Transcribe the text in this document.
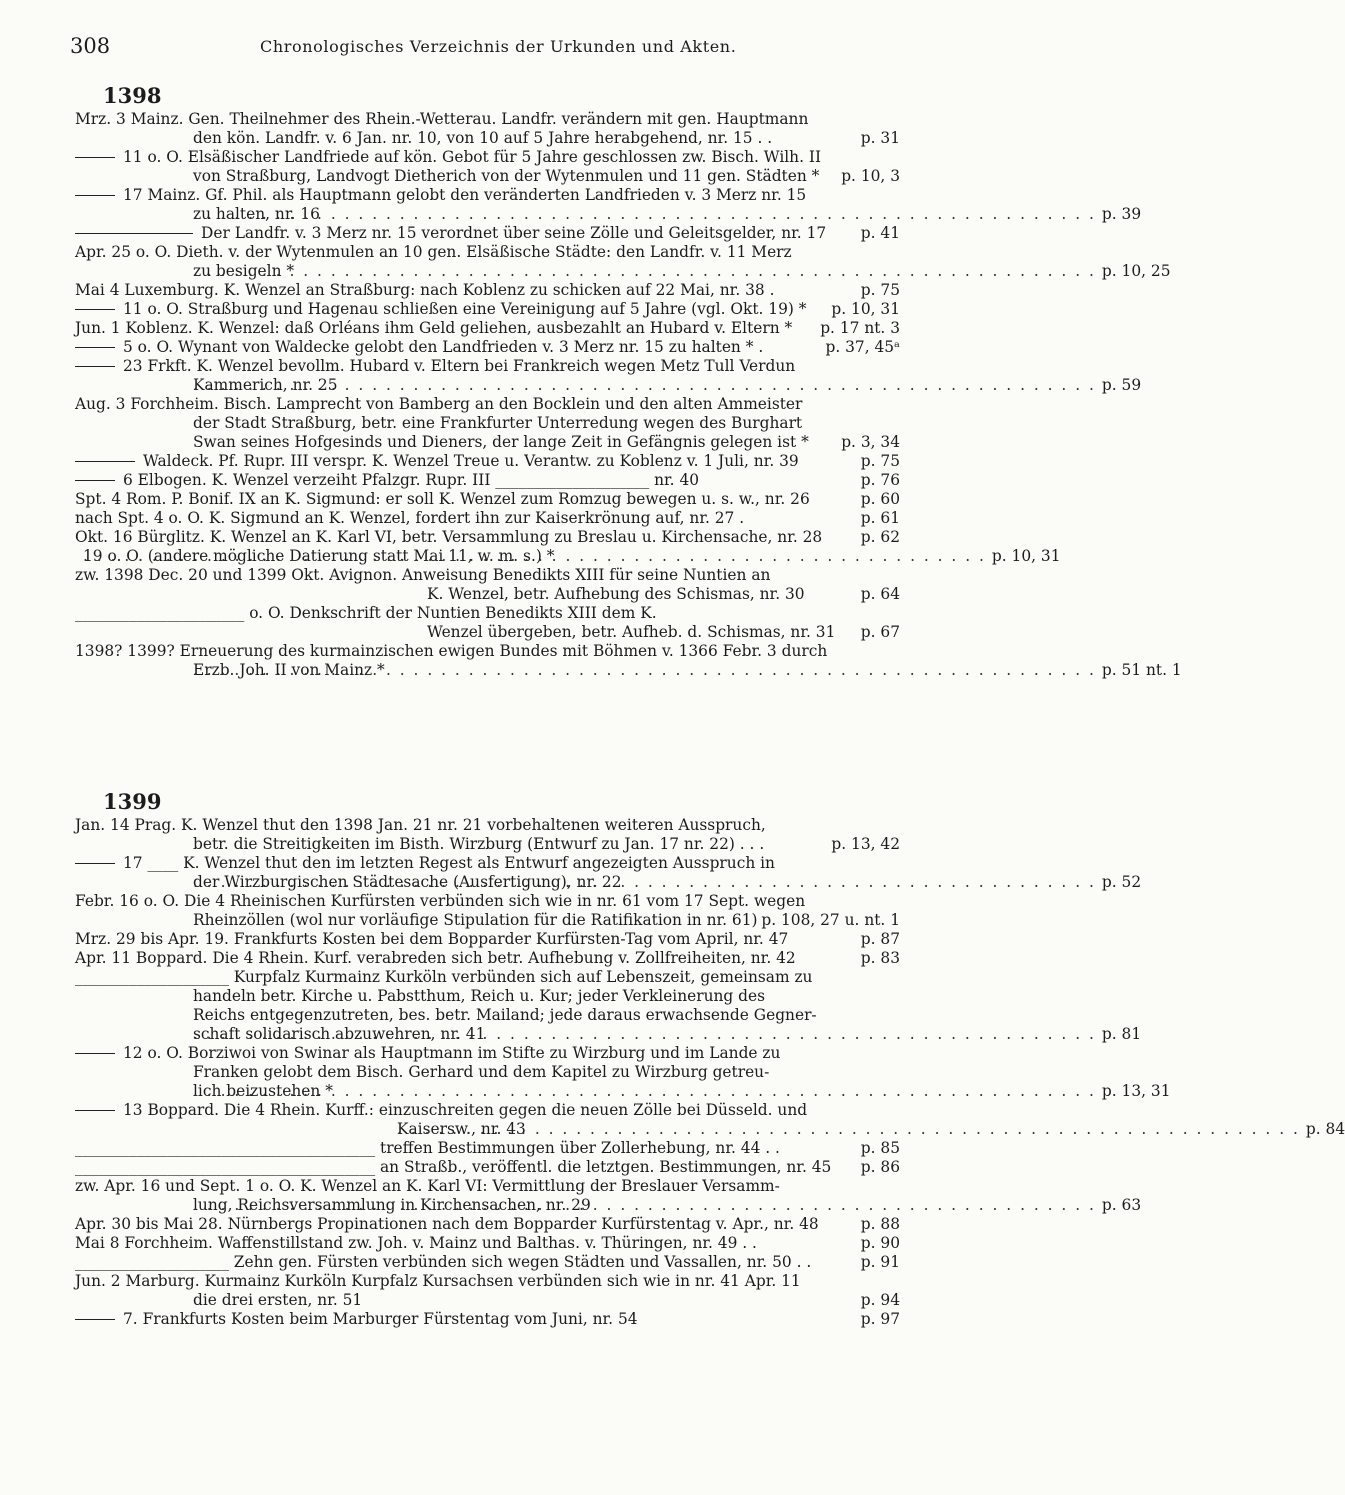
308	Chronologisches Verzeichnis der Urkunden und Akten.
1398
Mrz. 3 Mainz. Gen. Theilnehmer des Rhein.-Wetterau. Landfr. verändern mit gen. Hauptmann
den kön. Landfr. v. 6 Jan. nr. 10, von 10 auf 5 Jahre herabgehend, nr. 15 . .	p. 31
11 o. O. Elsäßischer Landfriede auf kön. Gebot für 5 Jahre geschlossen zw. Bisch. Wilh. II
von Straßburg, Landvogt Dietherich von der Wytenmulen und 11 gen. Städten *	p. 10, 3
17 Mainz. Gf. Phil. als Hauptmann gelobt den veränderten Landfrieden v. 3 Merz nr. 15
zu halten, nr. 16 . . .	p. 39
Der Landfr. v. 3 Merz nr. 15 verordnet über seine Zölle und Geleitsgelder, nr. 17	p. 41
Apr. 25 o. O. Dieth. v. der Wytenmulen an 10 gen. Elsäßische Städte: den Landfr. v. 11 Merz
zu besigeln * . . .	p. 10, 25
Mai 4 Luxemburg. K. Wenzel an Straßburg: nach Koblenz zu schicken auf 22 Mai, nr. 38 .	p. 75
11 o. O. Straßburg und Hagenau schließen eine Vereinigung auf 5 Jahre (vgl. Okt. 19) *	p. 10, 31
Jun. 1 Koblenz. K. Wenzel: daß Orléans ihm Geld geliehen, ausbezahlt an Hubard v. Eltern *	p. 17 nt. 3
5 o. O. Wynant von Waldecke gelobt den Landfrieden v. 3 Merz nr. 15 zu halten * .	p. 37, 45ᵃ
23 Frkft. K. Wenzel bevollm. Hubard v. Eltern bei Frankreich wegen Metz Tull Verdun
Kammerich, nr. 25 . . .	p. 59
Aug. 3 Forchheim. Bisch. Lamprecht von Bamberg an den Bocklein und den alten Ammeister
der Stadt Straßburg, betr. eine Frankfurter Unterredung wegen des Burghart
Swan seines Hofgesinds und Dieners, der lange Zeit in Gefängnis gelegen ist *	p. 3, 34
Waldeck. Pf. Rupr. III verspr. K. Wenzel Treue u. Verantw. zu Koblenz v. 1 Juli, nr. 39	p. 75
6 Elbogen. K. Wenzel verzeiht Pfalzgr. Rupr. III ____________________ nr. 40	p. 76
Spt. 4 Rom. P. Bonif. IX an K. Sigmund: er soll K. Wenzel zum Romzug bewegen u. s. w., nr. 26	p. 60
nach Spt. 4 o. O. K. Sigmund an K. Wenzel, fordert ihn zur Kaiserkrönung auf, nr. 27 .	p. 61
Okt. 16 Bürglitz. K. Wenzel an K. Karl VI, betr. Versammlung zu Breslau u. Kirchensache, nr. 28	p. 62
19 o. O. (andere mögliche Datierung statt Mai 11, w. m. s.) * . . .	p. 10, 31
zw. 1398 Dec. 20 und 1399 Okt. Avignon. Anweisung Benedikts XIII für seine Nuntien an
K. Wenzel, betr. Aufhebung des Schismas, nr. 30	p. 64
______________________ o. O. Denkschrift der Nuntien Benedikts XIII dem K.
Wenzel übergeben, betr. Aufheb. d. Schismas, nr. 31	p. 67
1398? 1399? Erneuerung des kurmainzischen ewigen Bundes mit Böhmen v. 1366 Febr. 3 durch
Erzb. Joh. II von Mainz * . . .	p. 51 nt. 1
1399
Jan. 14 Prag. K. Wenzel thut den 1398 Jan. 21 nr. 21 vorbehaltenen weiteren Ausspruch,
betr. die Streitigkeiten im Bisth. Wirzburg (Entwurf zu Jan. 17 nr. 22) . . .	p. 13, 42
17 ____ K. Wenzel thut den im letzten Regest als Entwurf angezeigten Ausspruch in
der Wirzburgischen Städtesache (Ausfertigung), nr. 22 . . .	p. 52
Febr. 16 o. O. Die 4 Rheinischen Kurfürsten verbünden sich wie in nr. 61 vom 17 Sept. wegen
Rheinzöllen (wol nur vorläufige Stipulation für die Ratifikation in nr. 61) p. 108, 27 u. nt. 1
Mrz. 29 bis Apr. 19. Frankfurts Kosten bei dem Bopparder Kurfürsten-Tag vom April, nr. 47	p. 87
Apr. 11 Boppard. Die 4 Rhein. Kurf. verabreden sich betr. Aufhebung v. Zollfreiheiten, nr. 42	p. 83
____________________ Kurpfalz Kurmainz Kurköln verbünden sich auf Lebenszeit, gemeinsam zu
handeln betr. Kirche u. Pabstthum, Reich u. Kur; jeder Verkleinerung des
Reichs entgegenzutreten, bes. betr. Mailand; jede daraus erwachsende Gegner-
schaft solidarisch abzuwehren, nr. 41 . . .	p. 81
12 o. O. Borziwoi von Swinar als Hauptmann im Stifte zu Wirzburg und im Lande zu
Franken gelobt dem Bisch. Gerhard und dem Kapitel zu Wirzburg getreu-
lich beizustehen * . . .	p. 13, 31
13 Boppard. Die 4 Rhein. Kurff.: einzuschreiten gegen die neuen Zölle bei Düsseld. und
Kaisersw., nr. 43 . . .	p. 84
_______________________________________ treffen Bestimmungen über Zollerhebung, nr. 44 . .	p. 85
_______________________________________ an Straßb., veröffentl. die letztgen. Bestimmungen, nr. 45	p. 86
zw. Apr. 16 und Sept. 1 o. O. K. Wenzel an K. Karl VI: Vermittlung der Breslauer Versamm-
lung, Reichsversammlung in Kirchensachen, nr. 29 . . .	p. 63
Apr. 30 bis Mai 28. Nürnbergs Propinationen nach dem Bopparder Kurfürstentag v. Apr., nr. 48	p. 88
Mai 8 Forchheim. Waffenstillstand zw. Joh. v. Mainz und Balthas. v. Thüringen, nr. 49 . .	p. 90
____________________ Zehn gen. Fürsten verbünden sich wegen Städten und Vassallen, nr. 50 . .	p. 91
Jun. 2 Marburg. Kurmainz Kurköln Kurpfalz Kursachsen verbünden sich wie in nr. 41 Apr. 11
die drei ersten, nr. 51	p. 94
7. Frankfurts Kosten beim Marburger Fürstentag vom Juni, nr. 54	p. 97
